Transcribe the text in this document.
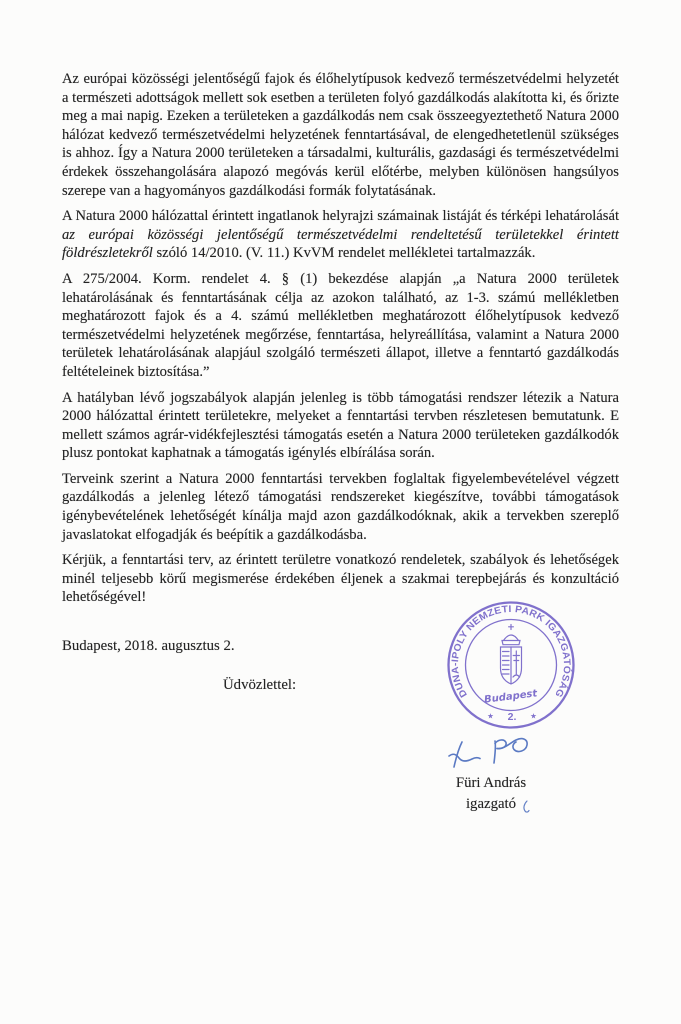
Az európai közösségi jelentőségű fajok és élőhelytípusok kedvező természetvédelmi helyzetét a természeti adottságok mellett sok esetben a területen folyó gazdálkodás alakította ki, és őrizte meg a mai napig. Ezeken a területeken a gazdálkodás nem csak összeegyeztethető Natura 2000 hálózat kedvező természetvédelmi helyzetének fenntartásával, de elengedhetetlenül szükséges is ahhoz. Így a Natura 2000 területeken a társadalmi, kulturális, gazdasági és természetvédelmi érdekek összehangolására alapozó megóvás kerül előtérbe, melyben különösen hangsúlyos szerepe van a hagyományos gazdálkodási formák folytatásának.

A Natura 2000 hálózattal érintett ingatlanok helyrajzi számainak listáját és térképi lehatárolását az európai közösségi jelentőségű természetvédelmi rendeltetésű területekkel érintett földrészletekről szóló 14/2010. (V. 11.) KvVM rendelet mellékletei tartalmazzák.

A 275/2004. Korm. rendelet 4. § (1) bekezdése alapján „a Natura 2000 területek lehatárolásának és fenntartásának célja az azokon található, az 1-3. számú mellékletben meghatározott fajok és a 4. számú mellékletben meghatározott élőhelytípusok kedvező természetvédelmi helyzetének megőrzése, fenntartása, helyreállítása, valamint a Natura 2000 területek lehatárolásának alapjául szolgáló természeti állapot, illetve a fenntartó gazdálkodás feltételeinek biztosítása.”

A hatályban lévő jogszabályok alapján jelenleg is több támogatási rendszer létezik a Natura 2000 hálózattal érintett területekre, melyeket a fenntartási tervben részletesen bemutatunk. E mellett számos agrár-vidékfejlesztési támogatás esetén a Natura 2000 területeken gazdálkodók plusz pontokat kaphatnak a támogatás igénylés elbírálása során.

Terveink szerint a Natura 2000 fenntartási tervekben foglaltak figyelembevételével végzett gazdálkodás a jelenleg létező támogatási rendszereket kiegészítve, további támogatások igénybevételének lehetőségét kínálja majd azon gazdálkodóknak, akik a tervekben szereplő javaslatokat elfogadják és beépítik a gazdálkodásba.

Kérjük, a fenntartási terv, az érintett területre vonatkozó rendeletek, szabályok és lehetőségek minél teljesebb körű megismerése érdekében éljenek a szakmai terepbejárás és konzultáció lehetőségével!

Budapest, 2018. augusztus 2.
Üdvözlettel:
DUNA-IPOLY NEMZETI PARK IGAZGATÓSÁG
Budapest
★ 2. ★
Füri András
igazgató
